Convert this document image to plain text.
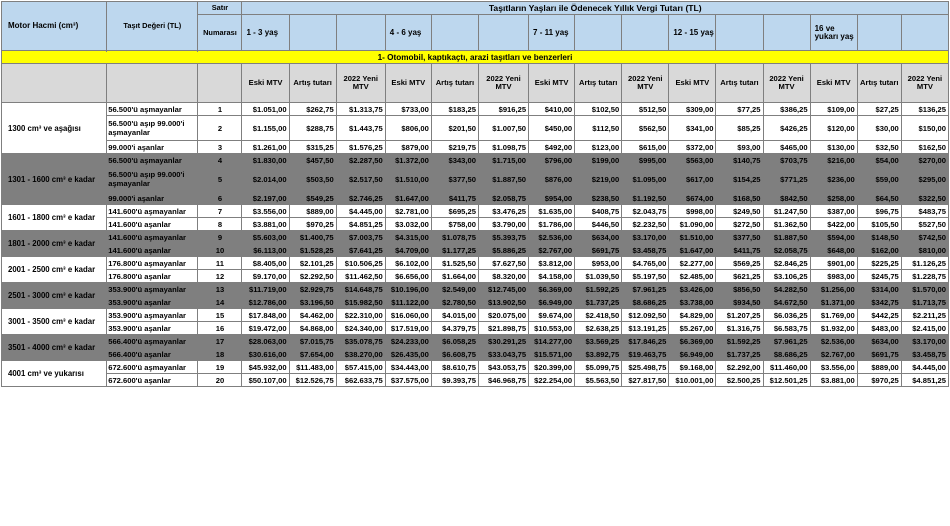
Motor Hacmi (cm³)	Taşıt Değeri (TL)	Satır	Taşıtların Yaşları ile Ödenecek Yıllık Vergi Tutarı (TL)														
		Numarası	1 - 3 yaş			4 - 6 yaş			7 - 11 yaş			12 - 15 yaş			16 ve yukarı yaş		

1- Otomobil, kaptıkaçtı, arazi taşıtları ve benzerleri																	
			Eski MTV	Artış tutarı	2022 Yeni MTV	Eski MTV	Artış tutarı	2022 Yeni MTV	Eski MTV	Artış tutarı	2022 Yeni MTV	Eski MTV	Artış tutarı	2022 Yeni MTV	Eski MTV	Artış tutarı	2022 Yeni MTV
1300 cm³ ve aşağısı	56.500'ü aşmayanlar	1	$1.051,00	$262,75	$1.313,75	$733,00	$183,25	$916,25	$410,00	$102,50	$512,50	$309,00	$77,25	$386,25	$109,00	$27,25	$136,25
	56.500'ü aşıp 99.000'i aşmayanlar	2	$1.155,00	$288,75	$1.443,75	$806,00	$201,50	$1.007,50	$450,00	$112,50	$562,50	$341,00	$85,25	$426,25	$120,00	$30,00	$150,00
	99.000'i aşanlar	3	$1.261,00	$315,25	$1.576,25	$879,00	$219,75	$1.098,75	$492,00	$123,00	$615,00	$372,00	$93,00	$465,00	$130,00	$32,50	$162,50
1301 - 1600 cm³ e kadar	56.500'ü aşmayanlar	4	$1.830,00	$457,50	$2.287,50	$1.372,00	$343,00	$1.715,00	$796,00	$199,00	$995,00	$563,00	$140,75	$703,75	$216,00	$54,00	$270,00
	56.500'ü aşıp 99.000'i aşmayanlar	5	$2.014,00	$503,50	$2.517,50	$1.510,00	$377,50	$1.887,50	$876,00	$219,00	$1.095,00	$617,00	$154,25	$771,25	$236,00	$59,00	$295,00
	99.000'i aşanlar	6	$2.197,00	$549,25	$2.746,25	$1.647,00	$411,75	$2.058,75	$954,00	$238,50	$1.192,50	$674,00	$168,50	$842,50	$258,00	$64,50	$322,50
1601 - 1800 cm³ e kadar	141.600'ü aşmayanlar	7	$3.556,00	$889,00	$4.445,00	$2.781,00	$695,25	$3.476,25	$1.635,00	$408,75	$2.043,75	$998,00	$249,50	$1.247,50	$387,00	$96,75	$483,75
	141.600'ü aşanlar	8	$3.881,00	$970,25	$4.851,25	$3.032,00	$758,00	$3.790,00	$1.786,00	$446,50	$2.232,50	$1.090,00	$272,50	$1.362,50	$422,00	$105,50	$527,50
1801 - 2000 cm³ e kadar	141.600'ü aşmayanlar	9	$5.603,00	$1.400,75	$7.003,75	$4.315,00	$1.078,75	$5.393,75	$2.536,00	$634,00	$3.170,00	$1.510,00	$377,50	$1.887,50	$594,00	$148,50	$742,50
	141.600'ü aşanlar	10	$6.113,00	$1.528,25	$7.641,25	$4.709,00	$1.177,25	$5.886,25	$2.767,00	$691,75	$3.458,75	$1.647,00	$411,75	$2.058,75	$648,00	$162,00	$810,00
2001 - 2500 cm³ e kadar	176.800'ü aşmayanlar	11	$8.405,00	$2.101,25	$10.506,25	$6.102,00	$1.525,50	$7.627,50	$3.812,00	$953,00	$4.765,00	$2.277,00	$569,25	$2.846,25	$901,00	$225,25	$1.126,25
	176.800'ü aşanlar	12	$9.170,00	$2.292,50	$11.462,50	$6.656,00	$1.664,00	$8.320,00	$4.158,00	$1.039,50	$5.197,50	$2.485,00	$621,25	$3.106,25	$983,00	$245,75	$1.228,75
2501 - 3000 cm³ e kadar	353.900'ü aşmayanlar	13	$11.719,00	$2.929,75	$14.648,75	$10.196,00	$2.549,00	$12.745,00	$6.369,00	$1.592,25	$7.961,25	$3.426,00	$856,50	$4.282,50	$1.256,00	$314,00	$1.570,00
	353.900'ü aşanlar	14	$12.786,00	$3.196,50	$15.982,50	$11.122,00	$2.780,50	$13.902,50	$6.949,00	$1.737,25	$8.686,25	$3.738,00	$934,50	$4.672,50	$1.371,00	$342,75	$1.713,75
3001 - 3500 cm³ e kadar	353.900'ü aşmayanlar	15	$17.848,00	$4.462,00	$22.310,00	$16.060,00	$4.015,00	$20.075,00	$9.674,00	$2.418,50	$12.092,50	$4.829,00	$1.207,25	$6.036,25	$1.769,00	$442,25	$2.211,25
	353.900'ü aşanlar	16	$19.472,00	$4.868,00	$24.340,00	$17.519,00	$4.379,75	$21.898,75	$10.553,00	$2.638,25	$13.191,25	$5.267,00	$1.316,75	$6.583,75	$1.932,00	$483,00	$2.415,00
3501 - 4000 cm³ e kadar	566.400'ü aşmayanlar	17	$28.063,00	$7.015,75	$35.078,75	$24.233,00	$6.058,25	$30.291,25	$14.277,00	$3.569,25	$17.846,25	$6.369,00	$1.592,25	$7.961,25	$2.536,00	$634,00	$3.170,00
	566.400'ü aşanlar	18	$30.616,00	$7.654,00	$38.270,00	$26.435,00	$6.608,75	$33.043,75	$15.571,00	$3.892,75	$19.463,75	$6.949,00	$1.737,25	$8.686,25	$2.767,00	$691,75	$3.458,75
4001 cm³ ve yukarısı	672.600'ü aşmayanlar	19	$45.932,00	$11.483,00	$57.415,00	$34.443,00	$8.610,75	$43.053,75	$20.399,00	$5.099,75	$25.498,75	$9.168,00	$2.292,00	$11.460,00	$3.556,00	$889,00	$4.445,00
	672.600'ü aşanlar	20	$50.107,00	$12.526,75	$62.633,75	$37.575,00	$9.393,75	$46.968,75	$22.254,00	$5.563,50	$27.817,50	$10.001,00	$2.500,25	$12.501,25	$3.881,00	$970,25	$4.851,25
